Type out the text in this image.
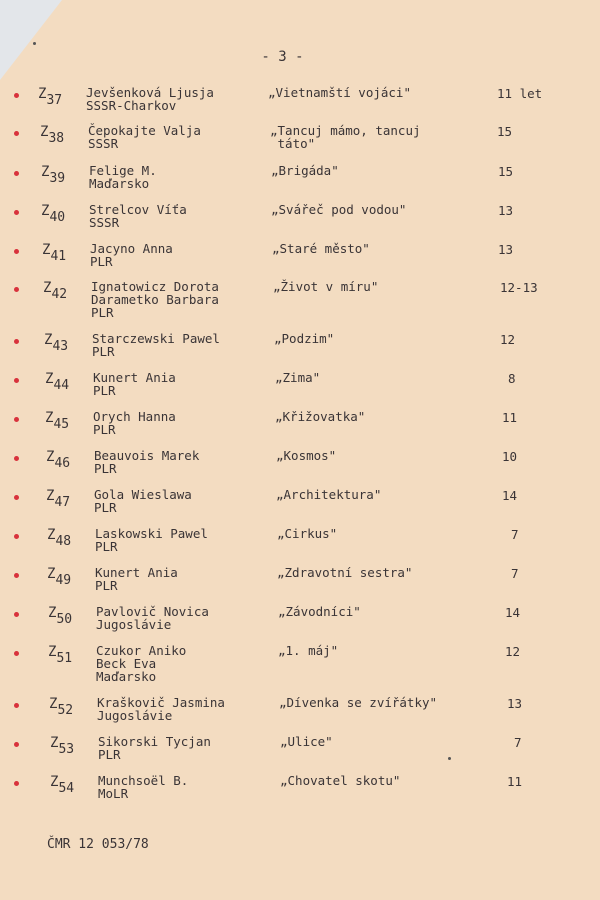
- 3 -
$Z_{37}$
Jevšenková Ljusja
SSSR-Charkov
„Vietnamští vojáci"	11 let
$Z_{38}$
Čepokajte Valja
SSSR
„Tancuj mámo, tancuj
táto"
15
$Z_{39}$
Felige M.
Maďarsko
„Brigáda"	15
$Z_{40}$
Strelcov Víťa
SSSR
„Svářeč pod vodou"	13
$Z_{41}$
Jacyno Anna
PLR
„Staré město"	13
$Z_{42}$
Ignatowicz Dorota
Darametko Barbara
PLR
„Život v míru"	12-13
$Z_{43}$
Starczewski Pawel
PLR
„Podzim"	12
$Z_{44}$
Kunert Ania
PLR
„Zima"	8
$Z_{45}$
Orych Hanna
PLR
„Křižovatka"	11
$Z_{46}$
Beauvois Marek
PLR
„Kosmos"	10
$Z_{47}$
Gola Wieslawa
PLR
„Architektura"	14
$Z_{48}$
Laskowski Pawel
PLR
„Cirkus"	7
$Z_{49}$
Kunert Ania
PLR
„Zdravotní sestra"	7
$Z_{50}$
Pavlovič Novica
Jugoslávie
„Závodníci"	14
$Z_{51}$
Czukor Aniko
Beck Eva
Maďarsko
„1. máj"	12
$Z_{52}$
Kraškovič Jasmina
Jugoslávie
„Dívenka se zvířátky"	13
$Z_{53}$
Sikorski Tycjan
PLR
„Ulice"	7
$Z_{54}$
Munchsoël B.
MoLR
„Chovatel skotu"	11
ČMR 12 053/78
